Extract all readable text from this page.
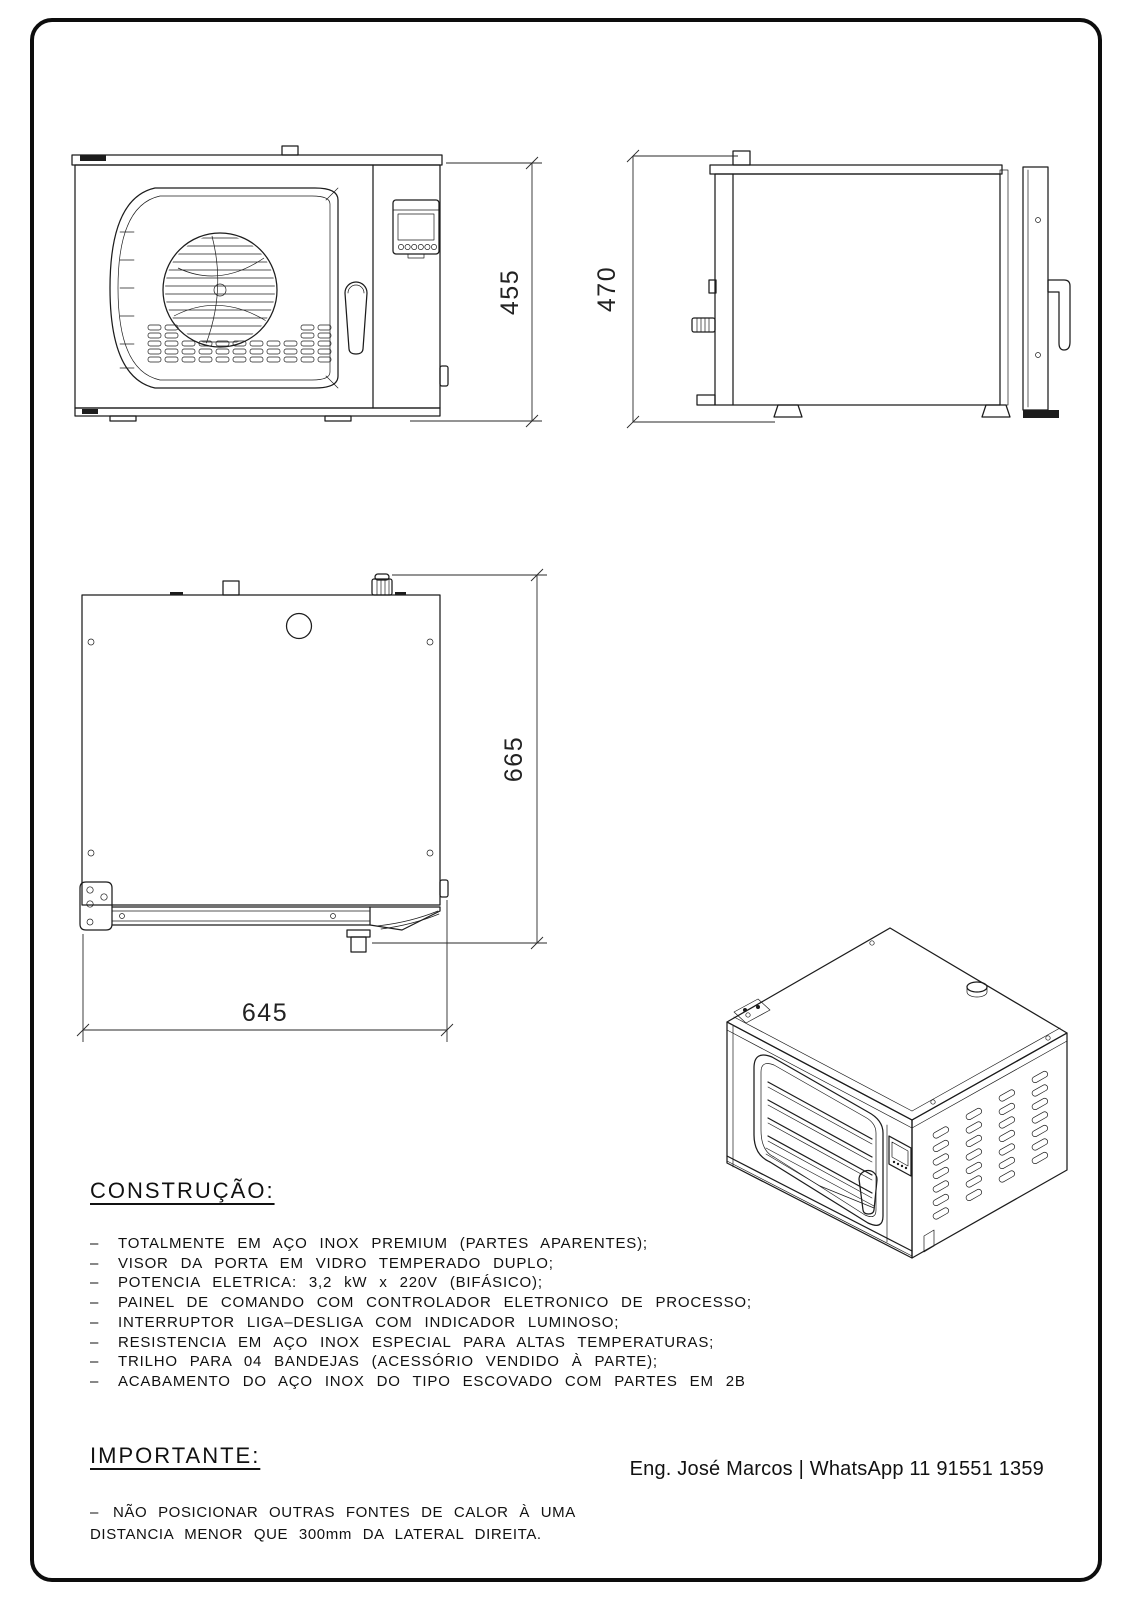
455	470
665
645
CONSTRUÇÃO:
–	TOTALMENTE EM AÇO INOX PREMIUM (PARTES APARENTES);
–	VISOR DA PORTA EM VIDRO TEMPERADO DUPLO;
–	POTENCIA ELETRICA: 3,2 kW x 220V (BIFÁSICO);
–	PAINEL DE COMANDO COM CONTROLADOR ELETRONICO DE PROCESSO;
–	INTERRUPTOR LIGA–DESLIGA COM INDICADOR LUMINOSO;
–	RESISTENCIA EM AÇO INOX ESPECIAL PARA ALTAS TEMPERATURAS;
–	TRILHO PARA 04 BANDEJAS (ACESSÓRIO VENDIDO À PARTE);
–	ACABAMENTO DO AÇO INOX DO TIPO ESCOVADO COM PARTES EM 2B
IMPORTANTE:
Eng. José Marcos | WhatsApp 11 91551 1359
– NÃO POSICIONAR OUTRAS FONTES DE CALOR À UMA
DISTANCIA MENOR QUE 300mm DA LATERAL DIREITA.
